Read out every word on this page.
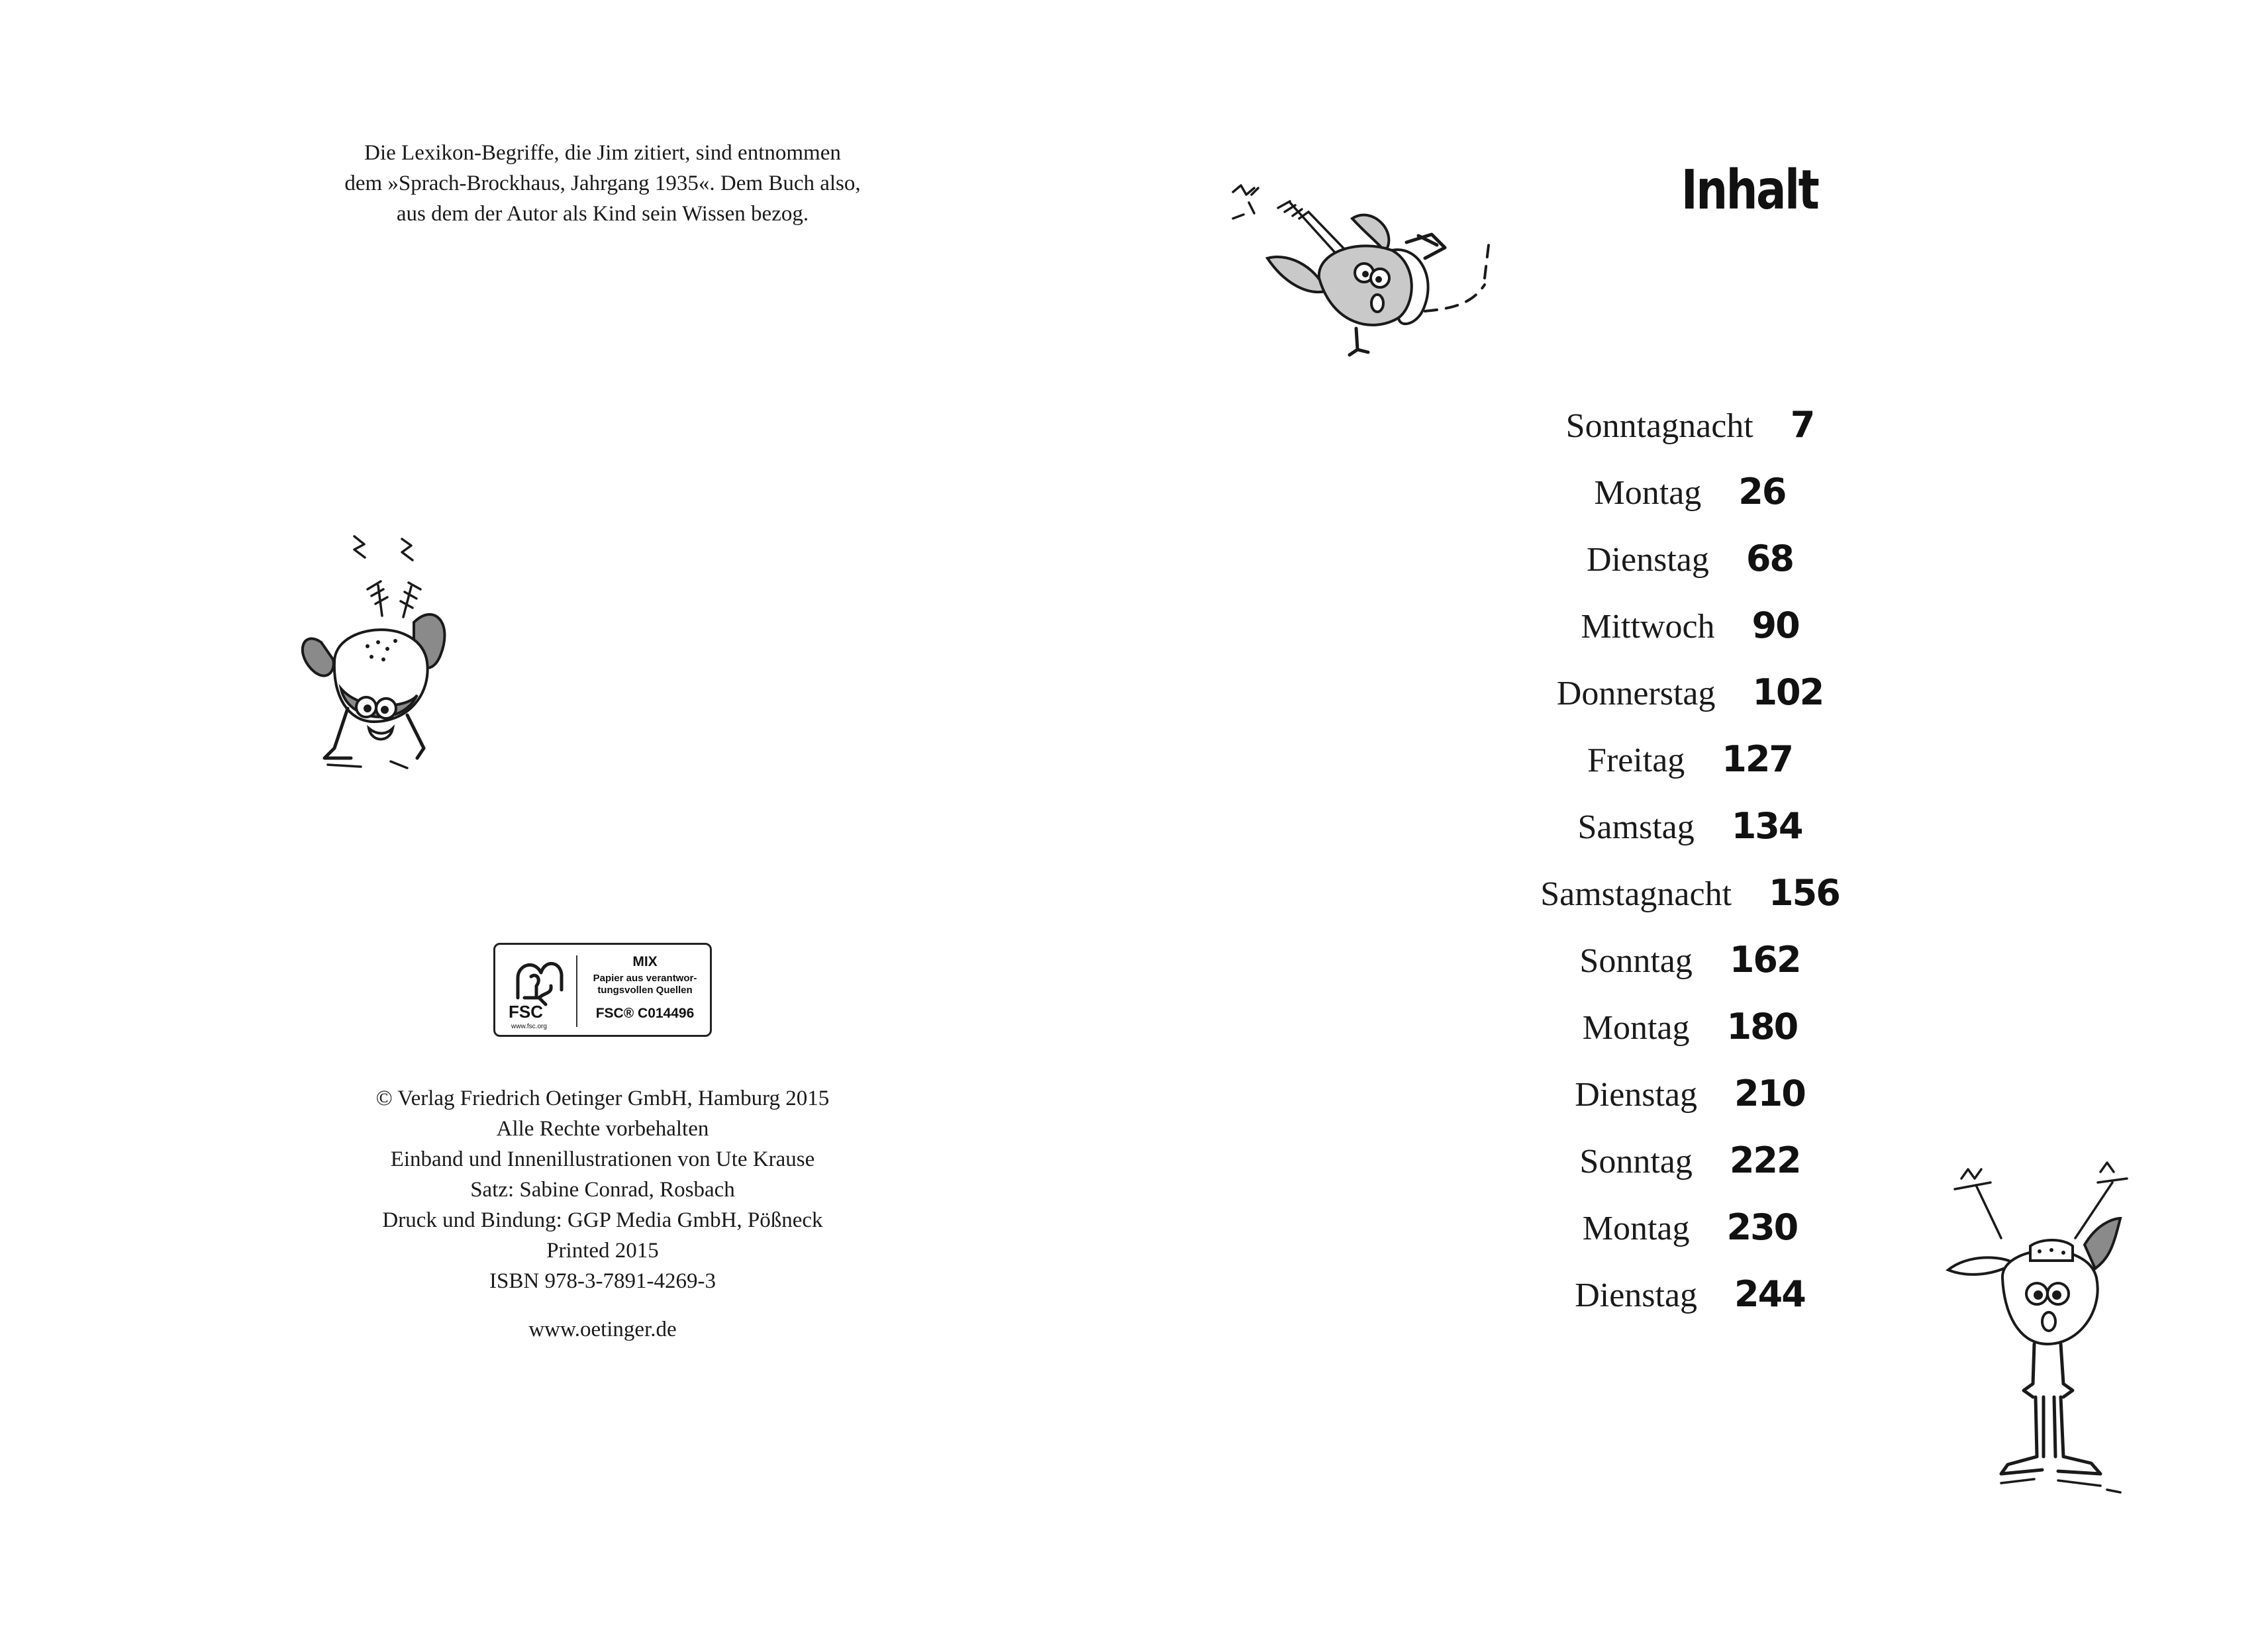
Die Lexikon-Begriffe, die Jim zitiert, sind entnommen
dem »Sprach-Brockhaus, Jahrgang 1935«. Dem Buch also,
aus dem der Autor als Kind sein Wissen bezog.
FSC
www.fsc.org
MIX
Papier aus verantwor-
tungsvollen Quellen
FSC® C014496
© Verlag Friedrich Oetinger GmbH, Hamburg 2015
Alle Rechte vorbehalten
Einband und Innenillustrationen von Ute Krause
Satz: Sabine Conrad, Rosbach
Druck und Bindung: GGP Media GmbH, Pößneck
Printed 2015
ISBN 978-3-7891-4269-3
www.oetinger.de
Inhalt
Sonntagnacht 7
Montag 26
Dienstag 68
Mittwoch 90
Donnerstag 102
Freitag 127
Samstag 134
Samstagnacht 156
Sonntag 162
Montag 180
Dienstag 210
Sonntag 222
Montag 230
Dienstag 244
